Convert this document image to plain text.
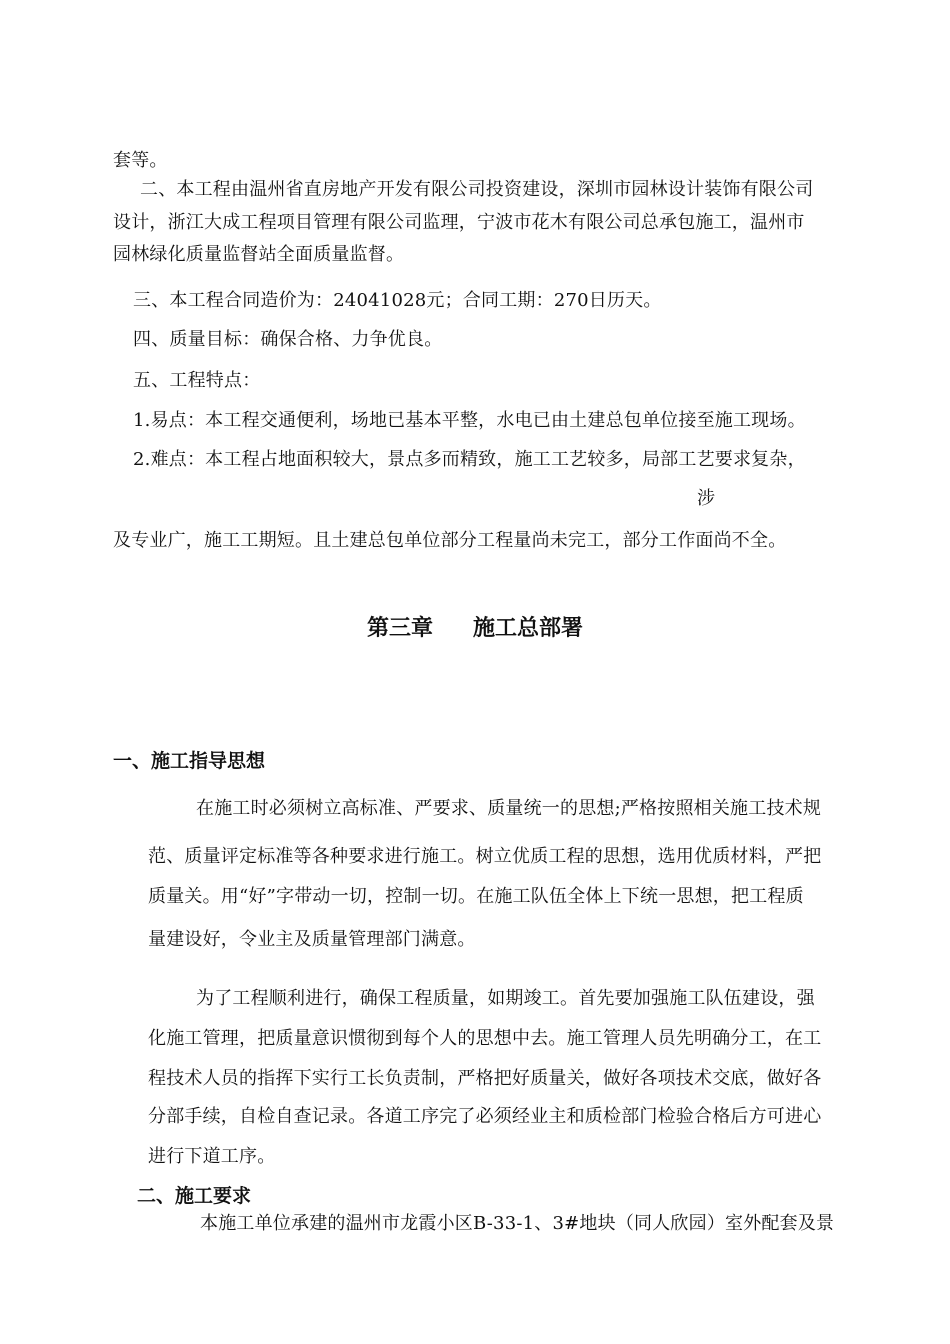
套等。
二、本工程由温州省直房地产开发有限公司投资建设，深圳市园林设计装饰有限公司
设计，浙江大成工程项目管理有限公司监理，宁波市花木有限公司总承包施工，温州市
园林绿化质量监督站全面质量监督。
三、本工程合同造价为：24041028元；合同工期：270日历天。
四、质量目标：确保合格、力争优良。
五、工程特点：
1.易点：本工程交通便利，场地已基本平整，水电已由土建总包单位接至施工现场。
2.难点：本工程占地面积较大，景点多而精致，施工工艺较多，局部工艺要求复杂，
涉
及专业广，施工工期短。且土建总包单位部分工程量尚未完工，部分工作面尚不全。
第三章 施工总部署
一、施工指导思想
在施工时必须树立高标准、严要求、质量统一的思想;严格按照相关施工技术规
范、质量评定标准等各种要求进行施工。树立优质工程的思想，选用优质材料，严把
质量关。用“好”字带动一切，控制一切。在施工队伍全体上下统一思想，把工程质
量建设好，令业主及质量管理部门满意。
为了工程顺利进行，确保工程质量，如期竣工。首先要加强施工队伍建设，强
化施工管理，把质量意识惯彻到每个人的思想中去。施工管理人员先明确分工，在工
程技术人员的指挥下实行工长负责制，严格把好质量关，做好各项技术交底，做好各
分部手续，自检自查记录。各道工序完了必须经业主和质检部门检验合格后方可进心
进行下道工序。
二、施工要求
本施工单位承建的温州市龙霞小区B-33-1、3#地块（同人欣园）室外配套及景
